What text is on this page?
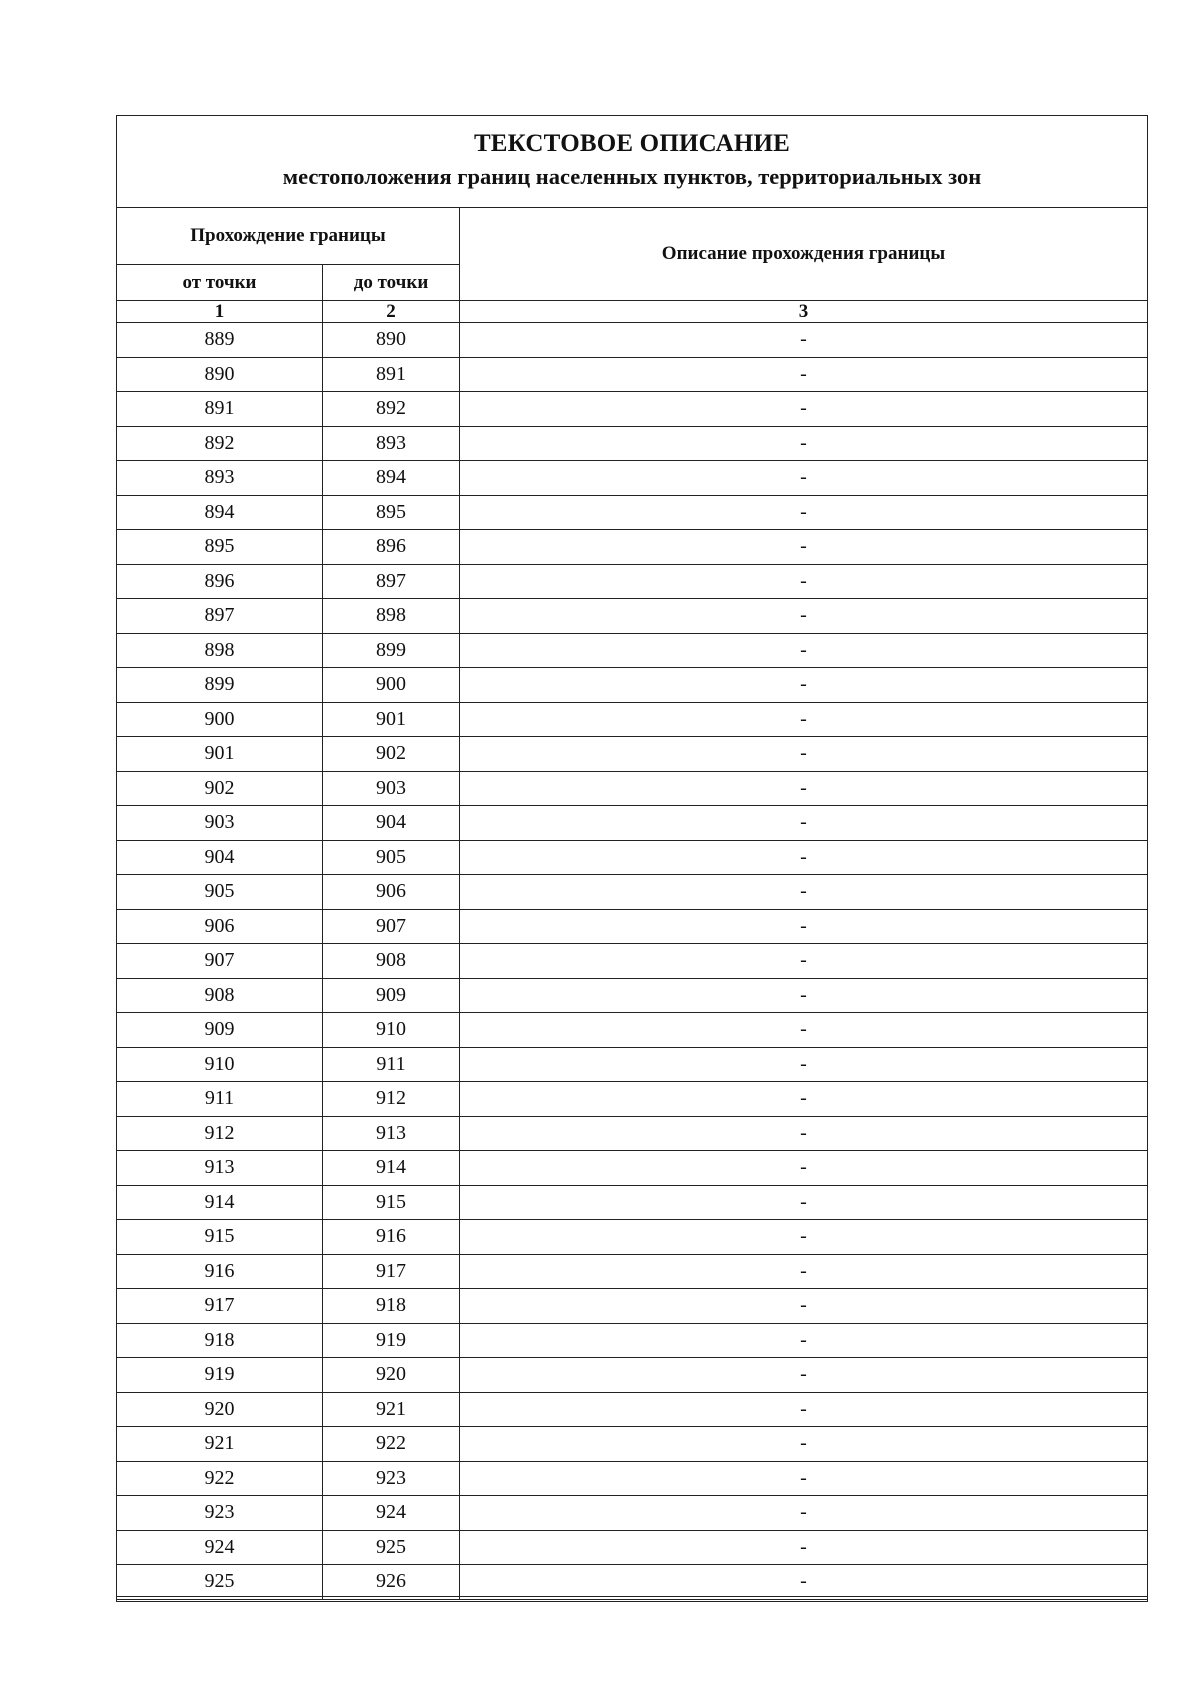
ТЕКСТОВОЕ ОПИСАНИЕ
местоположения границ населенных пунктов, территориальных зон
Прохождение границы
Описание прохождения границы
от точки	до точки
1	2	3
889	890	-
890	891	-
891	892	-
892	893	-
893	894	-
894	895	-
895	896	-
896	897	-
897	898	-
898	899	-
899	900	-
900	901	-
901	902	-
902	903	-
903	904	-
904	905	-
905	906	-
906	907	-
907	908	-
908	909	-
909	910	-
910	911	-
911	912	-
912	913	-
913	914	-
914	915	-
915	916	-
916	917	-
917	918	-
918	919	-
919	920	-
920	921	-
921	922	-
922	923	-
923	924	-
924	925	-
925	926	-
